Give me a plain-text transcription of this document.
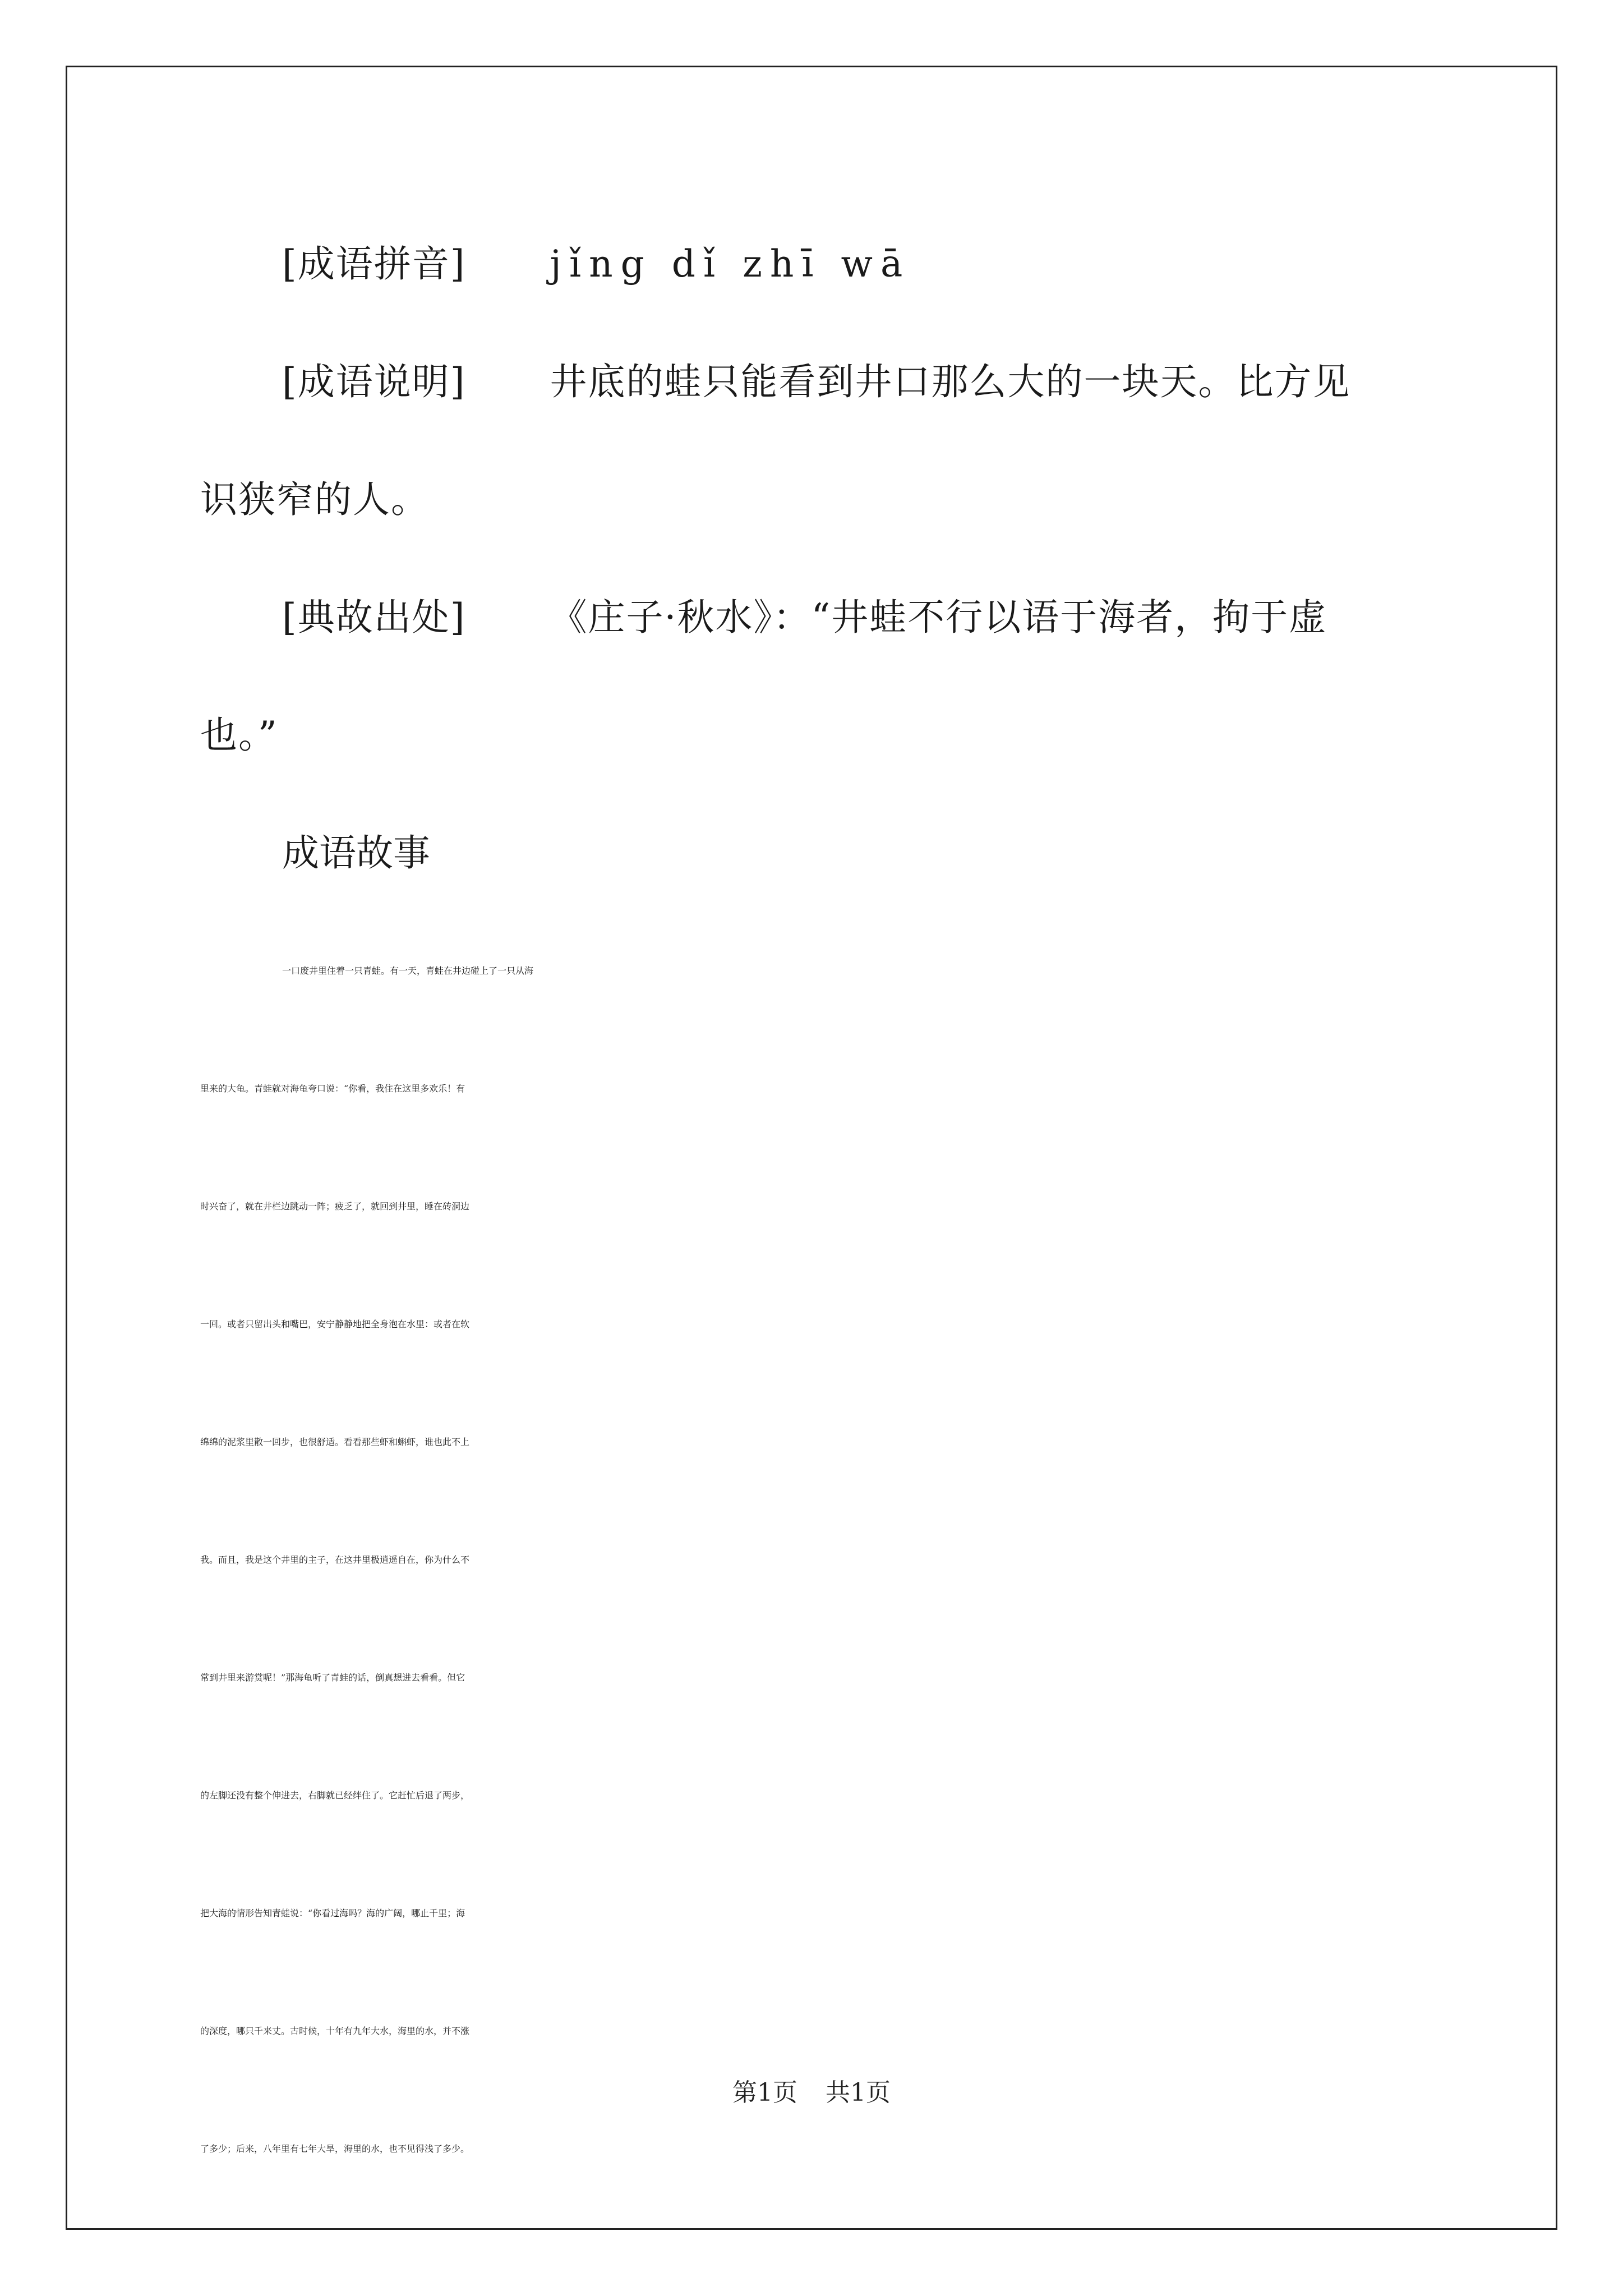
[成语拼音] jǐng dǐ zhī wā
[成语说明] 井底的蛙只能看到井口那么大的一块天。比方见
识狭窄的人。
[典故出处] 《庄子·秋水》：“井蛙不行以语于海者，拘于虚
也。”
成语故事
一口废井里住着一只青蛙。有一天，青蛙在井边碰上了一只从海
里来的大龟。青蛙就对海龟夸口说：“你看，我住在这里多欢乐！有
时兴奋了，就在井栏边跳动一阵；疲乏了，就回到井里，睡在砖洞边
一回。或者只留出头和嘴巴，安宁静静地把全身泡在水里：或者在软
绵绵的泥浆里散一回步，也很舒适。看看那些虾和蝌虾，谁也此不上
我。而且，我是这个井里的主子，在这井里极逍遥自在，你为什么不
常到井里来游赏呢！”那海龟听了青蛙的话，倒真想进去看看。但它
的左脚还没有整个伸进去，右脚就已经绊住了。它赶忙后退了两步，
把大海的情形告知青蛙说：“你看过海吗？海的广阔，哪止千里；海
的深度，哪只千来丈。古时候，十年有九年大水，海里的水，并不涨
了多少；后来，八年里有七年大旱，海里的水，也不见得浅了多少。
第1页 共1页
